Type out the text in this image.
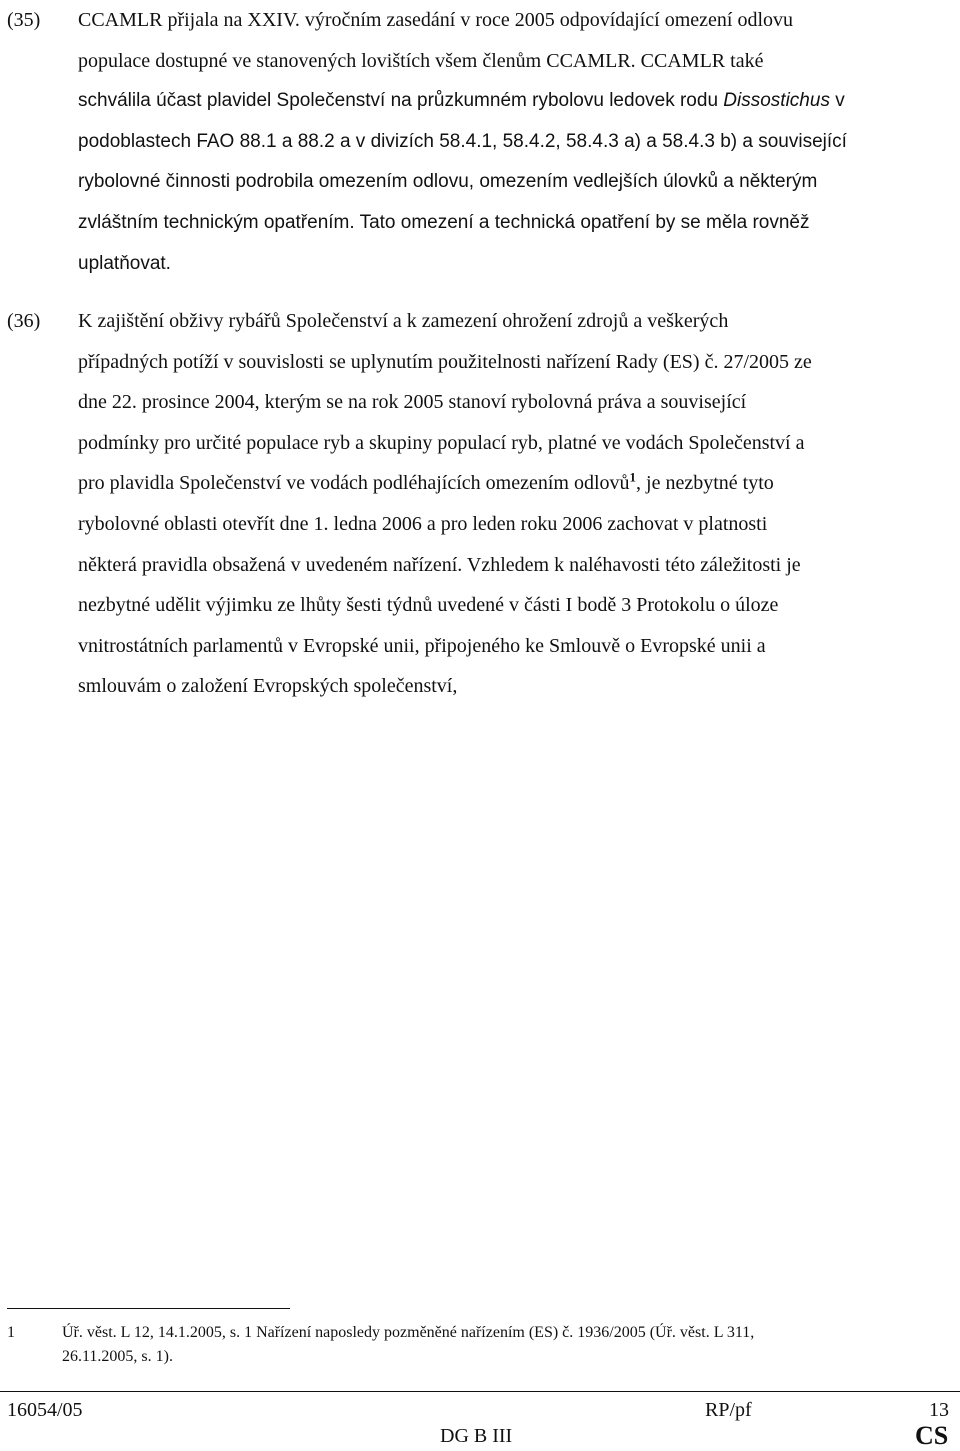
(35) CCAMLR přijala na XXIV. výročním zasedání v roce 2005 odpovídající omezení odlovu
populace dostupné ve stanovených lovištích všem členům CCAMLR. CCAMLR také
schválila účast plavidel Společenství na průzkumném rybolovu ledovek rodu Dissostichus v
podoblastech FAO 88.1 a 88.2 a v divizích 58.4.1, 58.4.2, 58.4.3 a) a 58.4.3 b) a související
rybolovné činnosti podrobila omezením odlovu, omezením vedlejších úlovků a některým
zvláštním technickým opatřením. Tato omezení a technická opatření by se měla rovněž
uplatňovat.
(36) K zajištění obživy rybářů Společenství a k zamezení ohrožení zdrojů a veškerých
případných potíží v souvislosti se uplynutím použitelnosti nařízení Rady (ES) č. 27/2005 ze
dne 22. prosince 2004, kterým se na rok 2005 stanoví rybolovná práva a související
podmínky pro určité populace ryb a skupiny populací ryb, platné ve vodách Společenství a
pro plavidla Společenství ve vodách podléhajících omezením odlovů$^1$, je nezbytné tyto
rybolovné oblasti otevřít dne 1. ledna 2006 a pro leden roku 2006 zachovat v platnosti
některá pravidla obsažená v uvedeném nařízení. Vzhledem k naléhavosti této záležitosti je
nezbytné udělit výjimku ze lhůty šesti týdnů uvedené v části I bodě 3 Protokolu o úloze
vnitrostátních parlamentů v Evropské unii, připojeného ke Smlouvě o Evropské unii a
smlouvám o založení Evropských společenství,
1	Úř. věst. L 12, 14.1.2005, s. 1 Nařízení naposledy pozměněné nařízením (ES) č. 1936/2005 (Úř. věst. L 311,
26.11.2005, s. 1).
16054/05	RP/pf	13
DG B III	CS
